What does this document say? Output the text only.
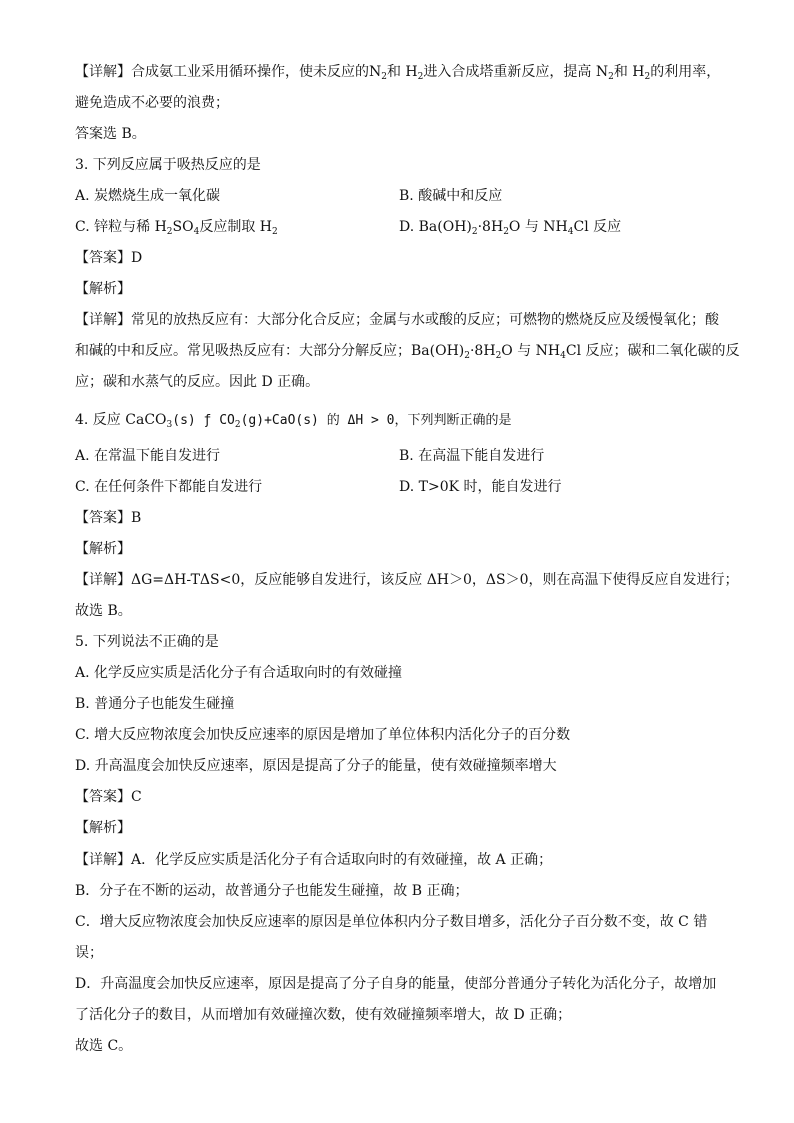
【详解】合成氨工业采用循环操作，使未反应的$N_2$和 $H_2$进入合成塔重新反应，提高 $N_2$和 $H_2$的利用率，
避免造成不必要的浪费；
答案选 B。
3. 下列反应属于吸热反应的是
A. 炭燃烧生成一氧化碳	B. 酸碱中和反应
C. 锌粒与稀 $H_2SO_4$反应制取 $H_2$	D. $Ba(OH)_2\cdot 8H_2O$ 与 $NH_4Cl$ 反应
【答案】D
【解析】
【详解】常见的放热反应有：大部分化合反应；金属与水或酸的反应；可燃物的燃烧反应及缓慢氧化；酸
和碱的中和反应。常见吸热反应有：大部分分解反应；$Ba(OH)_2\cdot 8H_2O$ 与 $NH_4Cl$ 反应；碳和二氧化碳的反
应；碳和水蒸气的反应。因此 D 正确。
4. 反应 CaCO$_3$(s) ƒ $CO_2(g)+CaO(s)$ 的 ΔH > 0，下列判断正确的是
A. 在常温下能自发进行	B. 在高温下能自发进行
C. 在任何条件下都能自发进行	D. T>0K 时，能自发进行
【答案】B
【解析】
【详解】ΔG=ΔH-TΔS<0，反应能够自发进行，该反应 ΔH＞0，ΔS＞0，则在高温下使得反应自发进行；
故选 B。
5. 下列说法不正确的是
A. 化学反应实质是活化分子有合适取向时的有效碰撞
B. 普通分子也能发生碰撞
C. 增大反应物浓度会加快反应速率的原因是增加了单位体积内活化分子的百分数
D. 升高温度会加快反应速率，原因是提高了分子的能量，使有效碰撞频率增大
【答案】C
【解析】
【详解】A．化学反应实质是活化分子有合适取向时的有效碰撞，故 A 正确；
B．分子在不断的运动，故普通分子也能发生碰撞，故 B 正确；
C．增大反应物浓度会加快反应速率的原因是单位体积内分子数目增多，活化分子百分数不变，故 C 错
误；
D．升高温度会加快反应速率，原因是提高了分子自身的能量，使部分普通分子转化为活化分子，故增加
了活化分子的数目，从而增加有效碰撞次数，使有效碰撞频率增大，故 D 正确；
故选 C。
